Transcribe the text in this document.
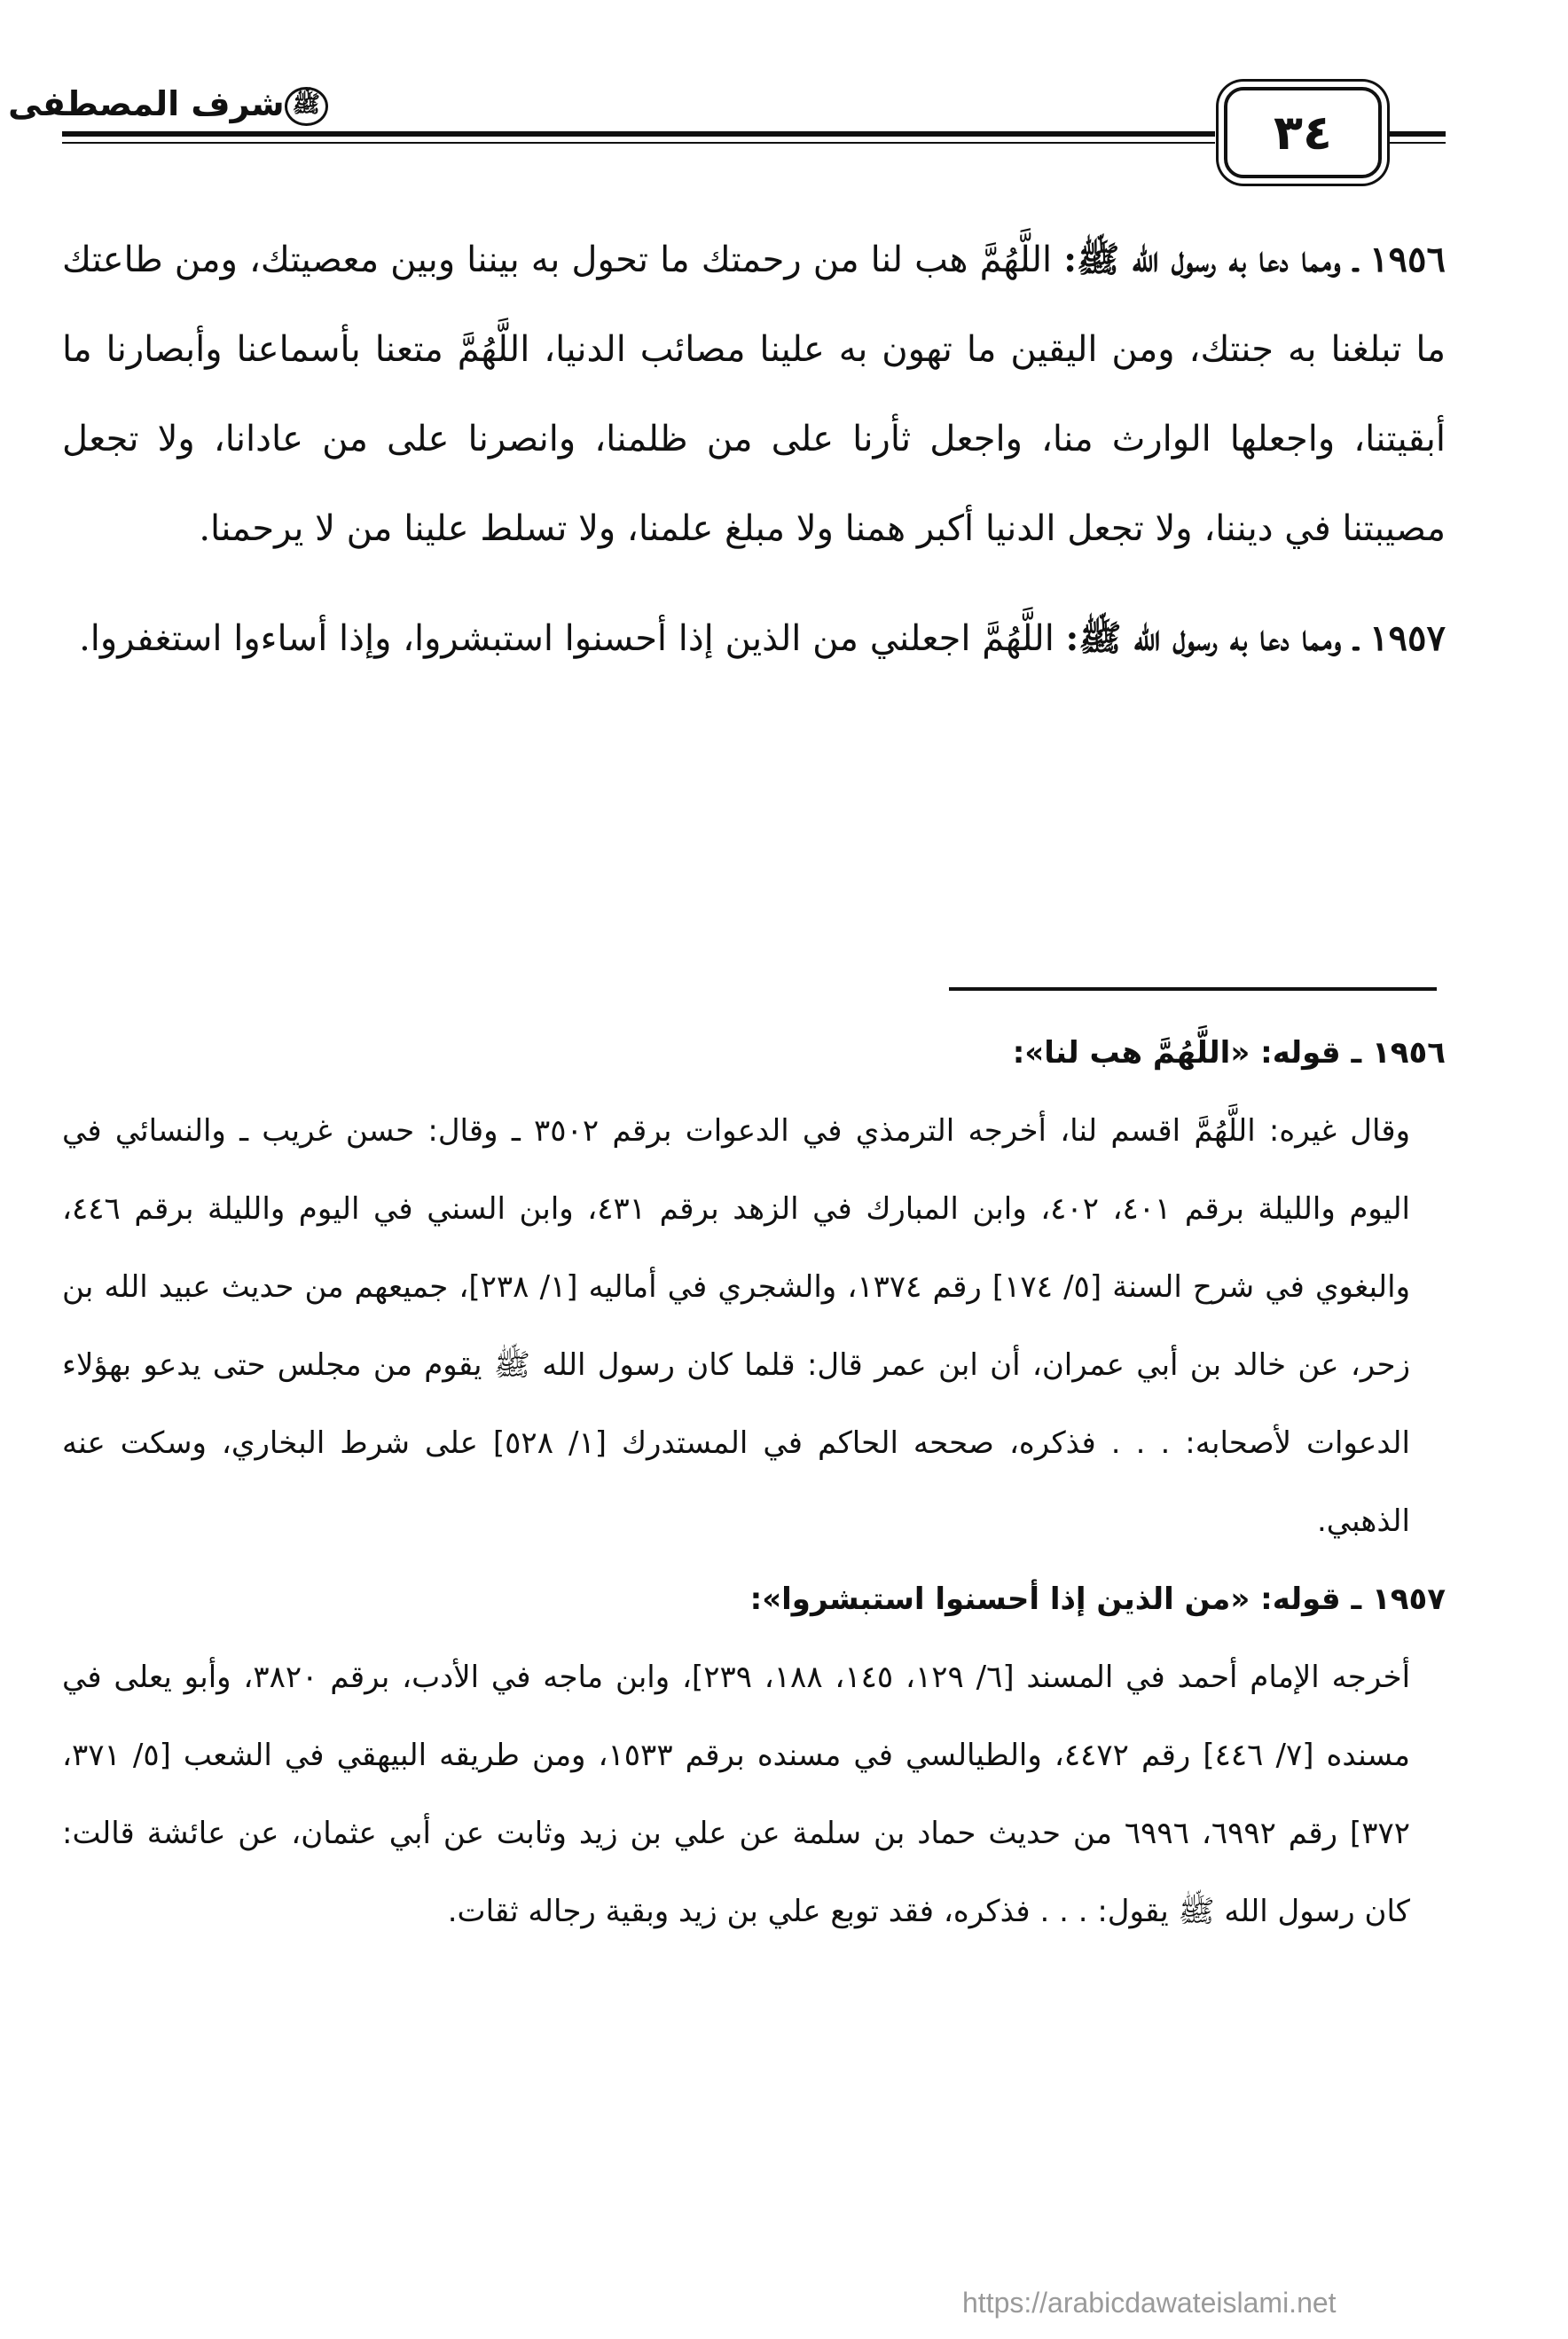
شرف المصطفى ﷺ
٣٤

١٩٥٦ ـ ومما دعا به رسول الله ﷺ: اللَّهُمَّ هب لنا من رحمتك ما تحول به بيننا وبين معصيتك، ومن طاعتك ما تبلغنا به جنتك، ومن اليقين ما تهون به علينا مصائب الدنيا، اللَّهُمَّ متعنا بأسماعنا وأبصارنا ما أبقيتنا، واجعلها الوارث منا، واجعل ثأرنا على من ظلمنا، وانصرنا على من عادانا، ولا تجعل مصيبتنا في ديننا، ولا تجعل الدنيا أكبر همنا ولا مبلغ علمنا، ولا تسلط علينا من لا يرحمنا.

١٩٥٧ ـ ومما دعا به رسول الله ﷺ: اللَّهُمَّ اجعلني من الذين إذا أحسنوا استبشروا، وإذا أساءوا استغفروا.

١٩٥٦ ـ قوله: «اللَّهُمَّ هب لنا»:

وقال غيره: اللَّهُمَّ اقسم لنا، أخرجه الترمذي في الدعوات برقم ٣٥٠٢ ـ وقال: حسن غريب ـ والنسائي في اليوم والليلة برقم ٤٠١، ٤٠٢، وابن المبارك في الزهد برقم ٤٣١، وابن السني في اليوم والليلة برقم ٤٤٦، والبغوي في شرح السنة [٥/ ١٧٤] رقم ١٣٧٤، والشجري في أماليه [١/ ٢٣٨]، جميعهم من حديث عبيد الله بن زحر، عن خالد بن أبي عمران، أن ابن عمر قال: قلما كان رسول الله ﷺ يقوم من مجلس حتى يدعو بهؤلاء الدعوات لأصحابه: . . . فذكره، صححه الحاكم في المستدرك [١/ ٥٢٨] على شرط البخاري، وسكت عنه الذهبي.

١٩٥٧ ـ قوله: «من الذين إذا أحسنوا استبشروا»:

أخرجه الإمام أحمد في المسند [٦/ ١٢٩، ١٤٥، ١٨٨، ٢٣٩]، وابن ماجه في الأدب، برقم ٣٨٢٠، وأبو يعلى في مسنده [٧/ ٤٤٦] رقم ٤٤٧٢، والطيالسي في مسنده برقم ١٥٣٣، ومن طريقه البيهقي في الشعب [٥/ ٣٧١، ٣٧٢] رقم ٦٩٩٢، ٦٩٩٦ من حديث حماد بن سلمة عن علي بن زيد وثابت عن أبي عثمان، عن عائشة قالت: كان رسول الله ﷺ يقول: . . . فذكره، فقد توبع علي بن زيد وبقية رجاله ثقات.

https://arabicdawateislami.net
